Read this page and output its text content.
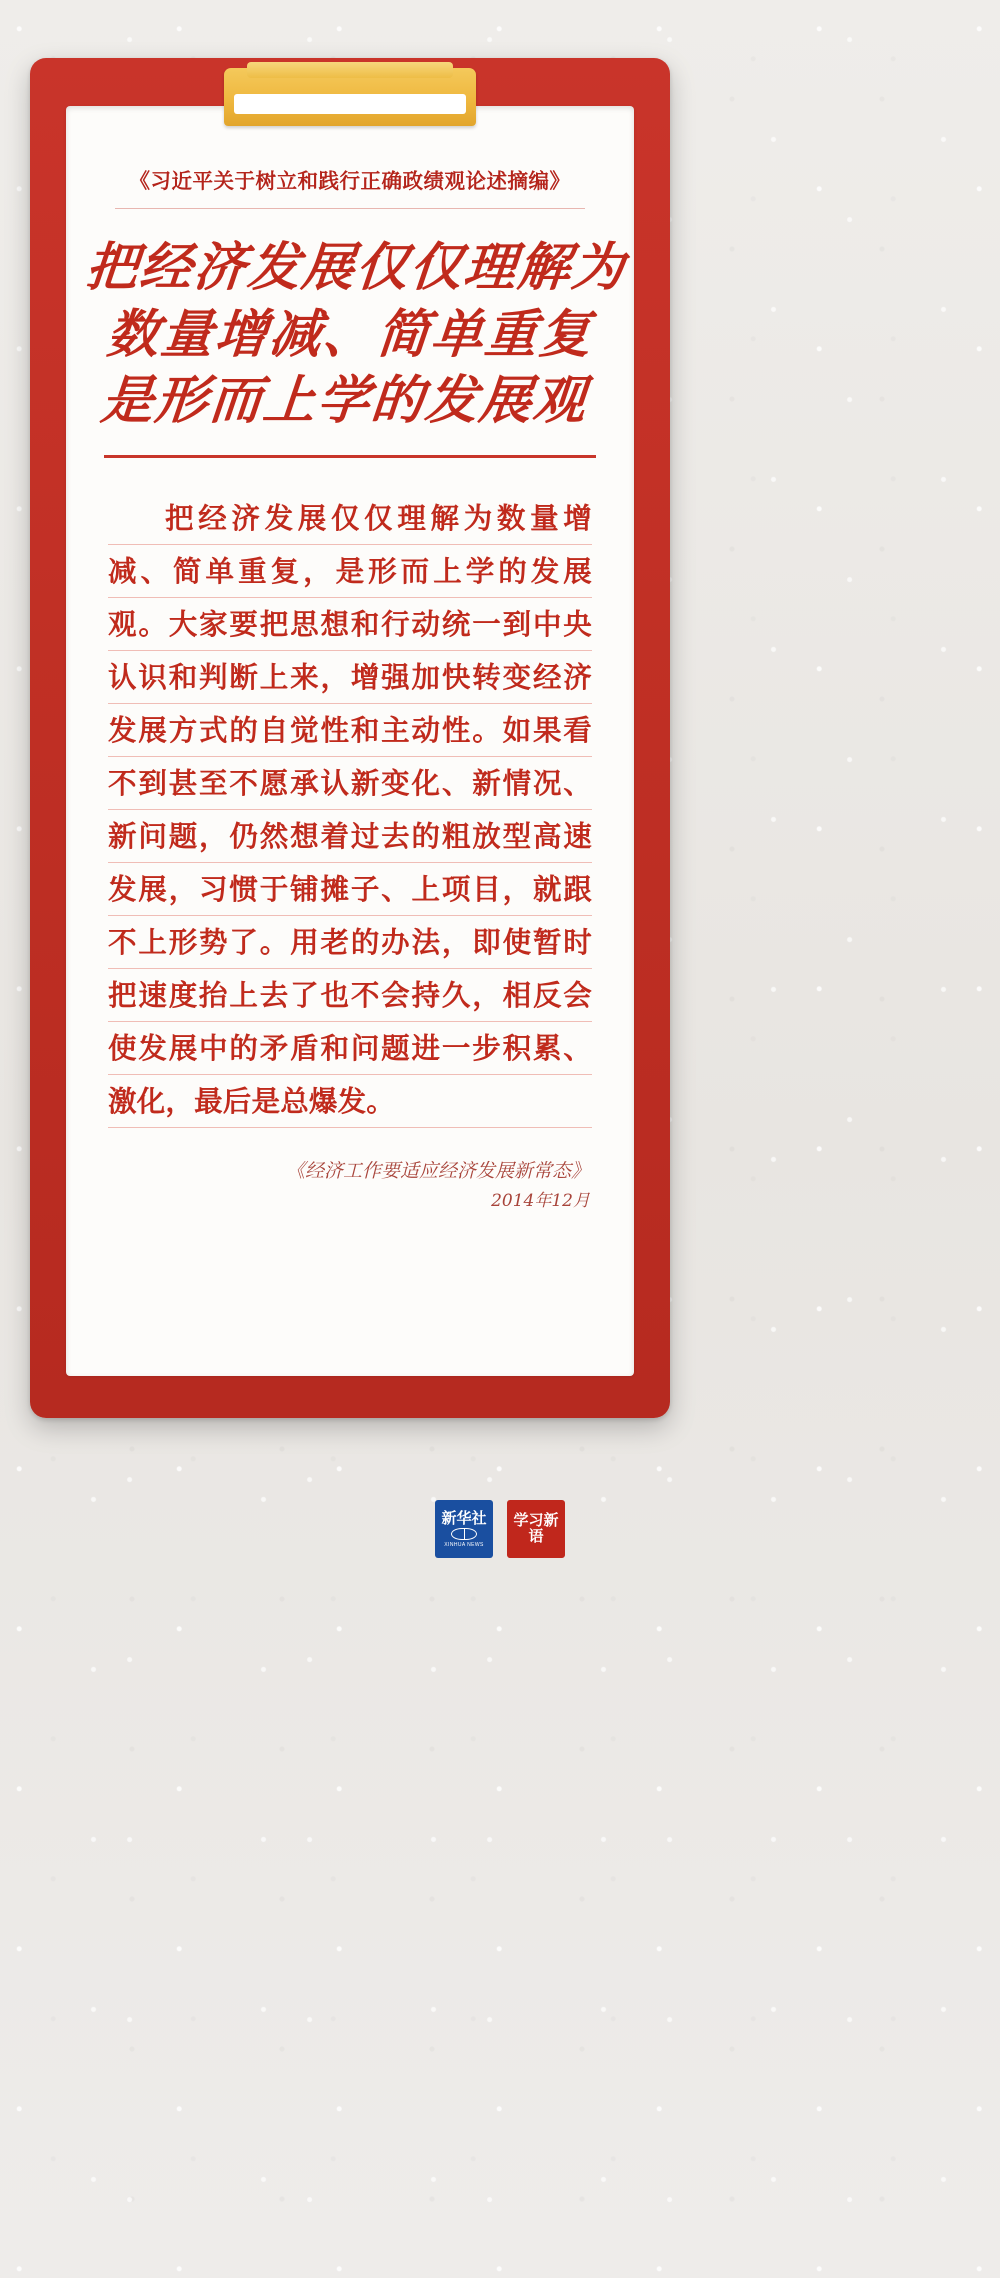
《习近平关于树立和践行正确政绩观论述摘编》
把经济发展仅仅理解为
数量增减、简单重复
是形而上学的发展观
把经济发展仅仅理解为数量增减、简单重复，是形而上学的发展观。大家要把思想和行动统一到中央认识和判断上来，增强加快转变经济发展方式的自觉性和主动性。如果看不到甚至不愿承认新变化、新情况、新问题，仍然想着过去的粗放型高速发展，习惯于铺摊子、上项目，就跟不上形势了。用老的办法，即使暂时把速度抬上去了也不会持久，相反会使发展中的矛盾和问题进一步积累、激化，最后是总爆发。
《经济工作要适应经济发展新常态》
2014年12月
新华社
XINHUA NEWS
学习新语
